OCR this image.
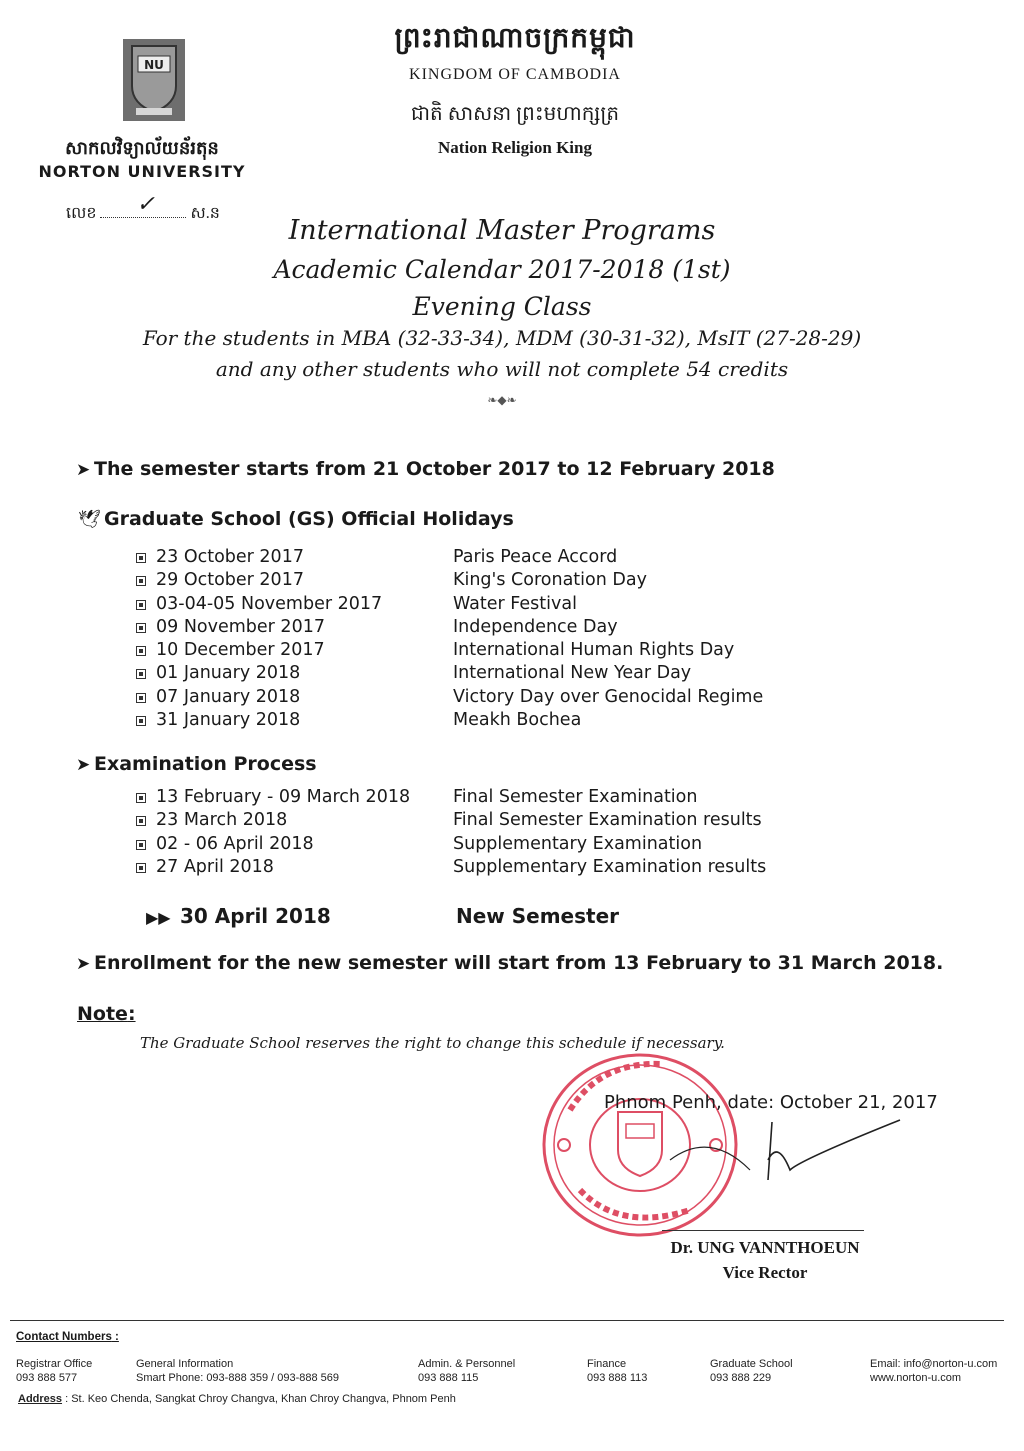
ព្រះរាជាណាចក្រកម្ពុជា
KINGDOM OF CAMBODIA
ជាតិ សាសនា ព្រះមហាក្សត្រ
Nation Religion King
NU
សាកលវិទ្យាល័យន័រតុន
NORTON UNIVERSITY
លេខ ✓ ស.ន
International Master Programs
Academic Calendar 2017-2018 (1st)
Evening Class
For the students in MBA (32-33-34), MDM (30-31-32), MsIT (27-28-29)
and any other students who will not complete 54 credits
❧◆❧
➤ The semester starts from 21 October 2017 to 12 February 2018
🕊 Graduate School (GS) Official Holidays
23 October 2017	Paris Peace Accord
29 October 2017	King's Coronation Day
03-04-05 November 2017	Water Festival
09 November 2017	Independence Day
10 December 2017	International Human Rights Day
01 January 2018	International New Year Day
07 January 2018	Victory Day over Genocidal Regime
31 January 2018	Meakh Bochea
➤ Examination Process
13 February - 09 March 2018 Final Semester Examination
23 March 2018	Final Semester Examination results
02 - 06 April 2018	Supplementary Examination
27 April 2018	Supplementary Examination results
▶▶ 30 April 2018	New Semester
➤ Enrollment for the new semester will start from 13 February to 31 March 2018.
Note:
The Graduate School reserves the right to change this schedule if necessary.
Phnom Penh, date: October 21, 2017
Dr. UNG VANNTHOEUN
Vice Rector
Contact Numbers :
Registrar Office
093 888 577
General Information
Smart Phone: 093-888 359 / 093-888 569
Admin. & Personnel
093 888 115
Finance
093 888 113
Graduate School
093 888 229
Email: info@norton-u.com
www.norton-u.com
Address : St. Keo Chenda, Sangkat Chroy Changva, Khan Chroy Changva, Phnom Penh
